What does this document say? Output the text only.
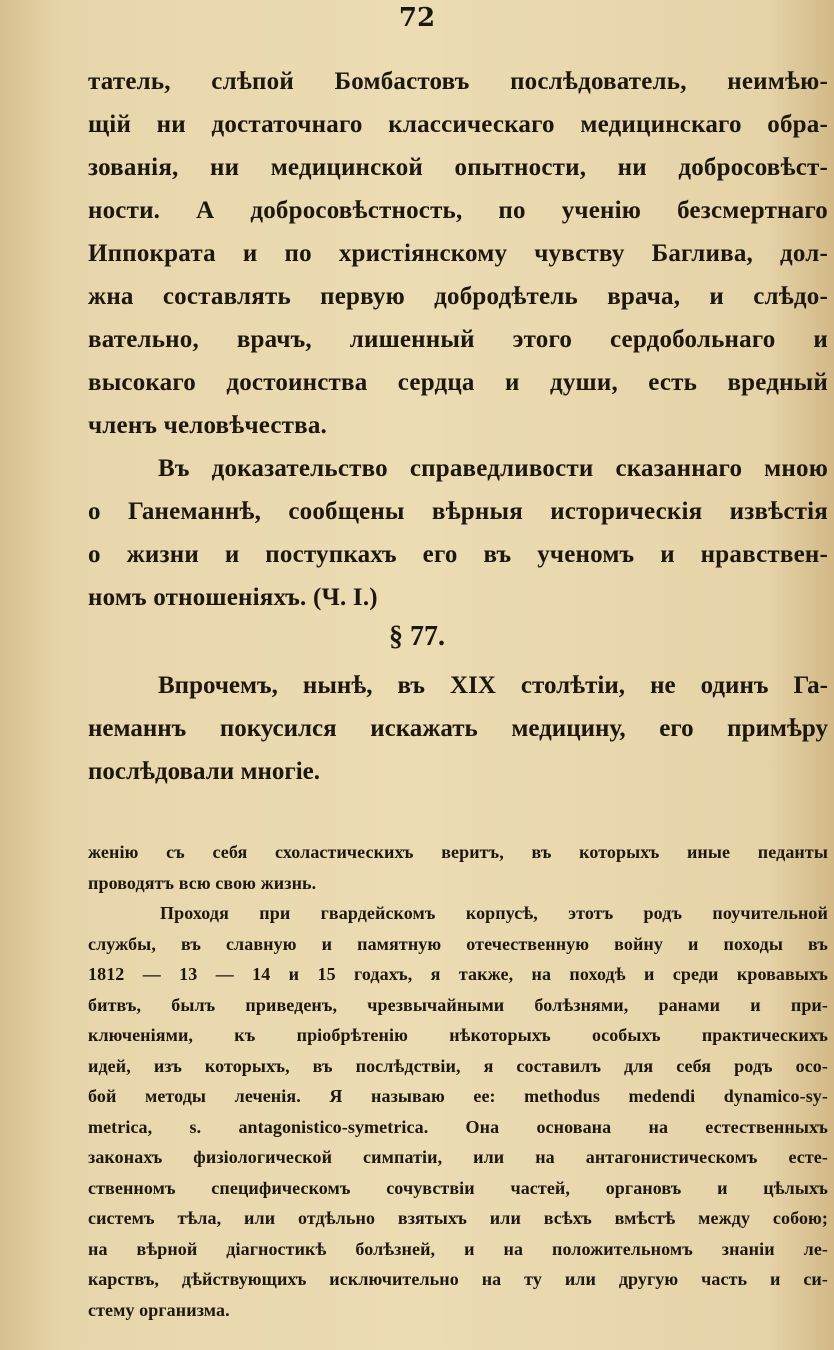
72
татель, слѣпой Бомбастовъ послѣдователь, неимѣю-
щiй ни достаточнаго классическаго медицинскаго обра-
зованiя, ни медицинской опытности, ни добросовѣст-
ности. А добросовѣстность, по ученiю безсмертнаго
Иппократа и по христiянскому чувству Баглива, дол-
жна составлять первую добродѣтель врача, и слѣдо-
вательно, врачъ, лишенный этого сердобольнаго и
высокаго достоинства сердца и души, есть вредный
членъ человѣчества.
Въ доказательство справедливости сказаннаго мною
о Ганеманнѣ, сообщены вѣрныя историческiя извѣстiя
о жизни и поступкахъ его въ ученомъ и нравствен-
номъ отношенiяхъ. (Ч. I.)
§ 77.
Впрочемъ, нынѣ, въ XIX столѣтiи, не одинъ Га-
неманнъ покусился искажать медицину, его примѣру
послѣдовали многiе.
женiю съ себя схоластическихъ веритъ, въ которыхъ иные педанты
проводятъ всю свою жизнь.
Проходя при гвардейскомъ корпусѣ, этотъ родъ поучительной
службы, въ славную и памятную отечественную войну и походы въ
1812 — 13 — 14 и 15 годахъ, я также, на походѣ и среди кровавыхъ
битвъ, былъ приведенъ, чрезвычайными болѣзнями, ранами и при-
ключенiями, къ прiобрѣтенiю нѣкоторыхъ особыхъ практическихъ
идей, изъ которыхъ, въ послѣдствiи, я составилъ для себя родъ осо-
бой методы леченiя. Я называю ее: methodus medendi dynamico-sy-
metrica, s. antagonistico-symetrica. Она основана на естественныхъ
законахъ физiологической симпатiи, или на антагонистическомъ есте-
ственномъ специфическомъ сочувствiи частей, органовъ и цѣлыхъ
системъ тѣла, или отдѣльно взятыхъ или всѣхъ вмѣстѣ между собою;
на вѣрной дiагностикѣ болѣзней, и на положительномъ знанiи ле-
карствъ, дѣйствующихъ исключительно на ту или другую часть и си-
стему организма.
